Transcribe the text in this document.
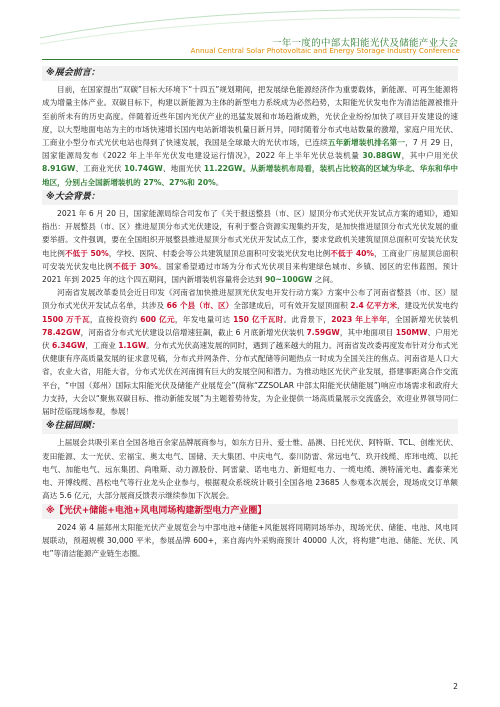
一年一度的中部太阳能光伏及储能产业大会
Annual Central Solar Photovoltaic and Energy Storage Industry Conference
※展会前言：

目前，在国家提出“双碳”目标大环境下“十四五”规划期间，把发展绿色能源经济作为重要载体，新能源、可再生能源将成为增量主体产业。双碳目标下，构建以新能源为主体的新型电力系统成为必然趋势，太阳能光伏发电作为清洁能源被推升至前所未有的历史高度。伴随着近些年国内光伏产业的迅猛发展和市场趋渐成熟，光伏企业纷纷加快了项目开发建设的速度，以大型地面电站为主的市场快速增长国内电站新增装机量日新月异，同时随着分布式电站数量的激增，家庭户用光伏、工商业小型分布式光伏电站也得到了快速发展，我国是全球最大的光伏市场，已连续五年新增装机排名第一，7 月 29 日，国家能源局发布《2022 年上半年光伏发电建设运行情况》，2022 年上半年光伏总装机量 30.88GW，其中户用光伏 8.91GW、工商业光伏 10.74GW、地面光伏 11.22GW。从新增装机布局看，装机占比较高的区域为华北、华东和华中地区，分别占全国新增装机的 27%、27%和 20%。

※大会背景：

2021 年 6 月 20 日，国家能源局综合司发布了《关于报送整县（市、区）屋顶分布式光伏开发试点方案的通知》，通知指出：开展整县（市、区）推进屋顶分布式光伏建设，有利于整合资源实现集约开发，是加快推进屋顶分布式光伏发展的重要举措。文件强调，要在全国组织开展整县推进屋顶分布式光伏开发试点工作，要求党政机关建筑屋顶总面积可安装光伏发电比例不低于 50%，学校、医院、村委会等公共建筑屋顶总面积可安装光伏发电比例不低于 40%，工商业厂房屋顶总面积可安装光伏发电比例不低于 30%。国家希望通过市场为分布式光伏项目来构建绿色城市、乡镇、园区的宏伟蓝图。预计 2021 年到 2025 年的这个四五期间，国内新增装机容量将会达到 90~100GW 之间。

河南省发展改革委员会近日印发《河南省加快推进屋顶光伏发电开发行动方案》方案中公布了河南省整县（市、区）屋顶分布式光伏开发试点名单，共涉及 66 个县（市、区）全部建成后，可有效开发屋顶面积 2.4 亿平方米，建设光伏发电约 1500 万千瓦，直接投资约 600 亿元，年发电量可达 150 亿千瓦时。此背景下，2023 年上半年，全国新增光伏装机 78.42GW，河南省分布式光伏建设以倍增速狂飙，截止 6 月底新增光伏装机 7.59GW，其中地面项目 150MW、户用光伏 6.34GW，工商业 1.1GW。分布式光伏高速发展的同时，遇到了越来越大的阻力。河南省发改委再度发布针对分布式光伏健康有序高质量发展的征求意见稿，分布式并网条件、分布式配储等问题热点一时成为全国关注的焦点。河南省是人口大省，农业大省，用能大省，分布式光伏在河南拥有巨大的发展空间和潜力。为推动地区光伏产业发展，搭建事距离合作交流平台，“中国（郑州）国际太阳能光伏及储能产业展览会”(简称“ZZSOLAR 中部太阳能光伏储能展”)响应市场需求和政府大力支持，大会以“聚焦双碳目标、推动新能发展”为主题着势待发，为企业提供一场高质量展示交流盛会，欢迎业界领导同仁届时莅临现场参观，参展！

※往届回顾：

上届展会共吸引来自全国各地百余家品牌展商参与，如东方日升、爱士惟、晶澳、日托光伏、阿特斯、TCL、创维光伏、麦田能源、太一光伏、宏福宝、奥太电气、国储、天大集团、中庆电气、泰川防雷、常远电气、玖开线缆、库玮电缆、以托电气、加能电气、远东集团、尚唯斯、动力源股份、阿雷蒙、诺电电力、新翅虹电力、一缆电缆、澳特浦光电、鑫泰莱光电、开博线缆、昌松电气等行业龙头企业参与，根据观众系统统计吸引全国各地 23685 人参观本次展会，现场成交订单额高达 5.6 亿元，大部分展商反馈表示继续参加下次展会。

※【光伏+储能+电池+风电同场构建新型电力产业圈】

2024 第 4 届郑州太阳能光伏产业展览会与中部电池+储能+风能展将同期同场举办，现场光伏、储能、电池、风电同展联动，预超规模 30,000 平米，参展品牌 600+，来自海内外采购商预计 40000 人次，将构建“电池、储能、光伏、风电”等清洁能源产业链生态圈。

2
